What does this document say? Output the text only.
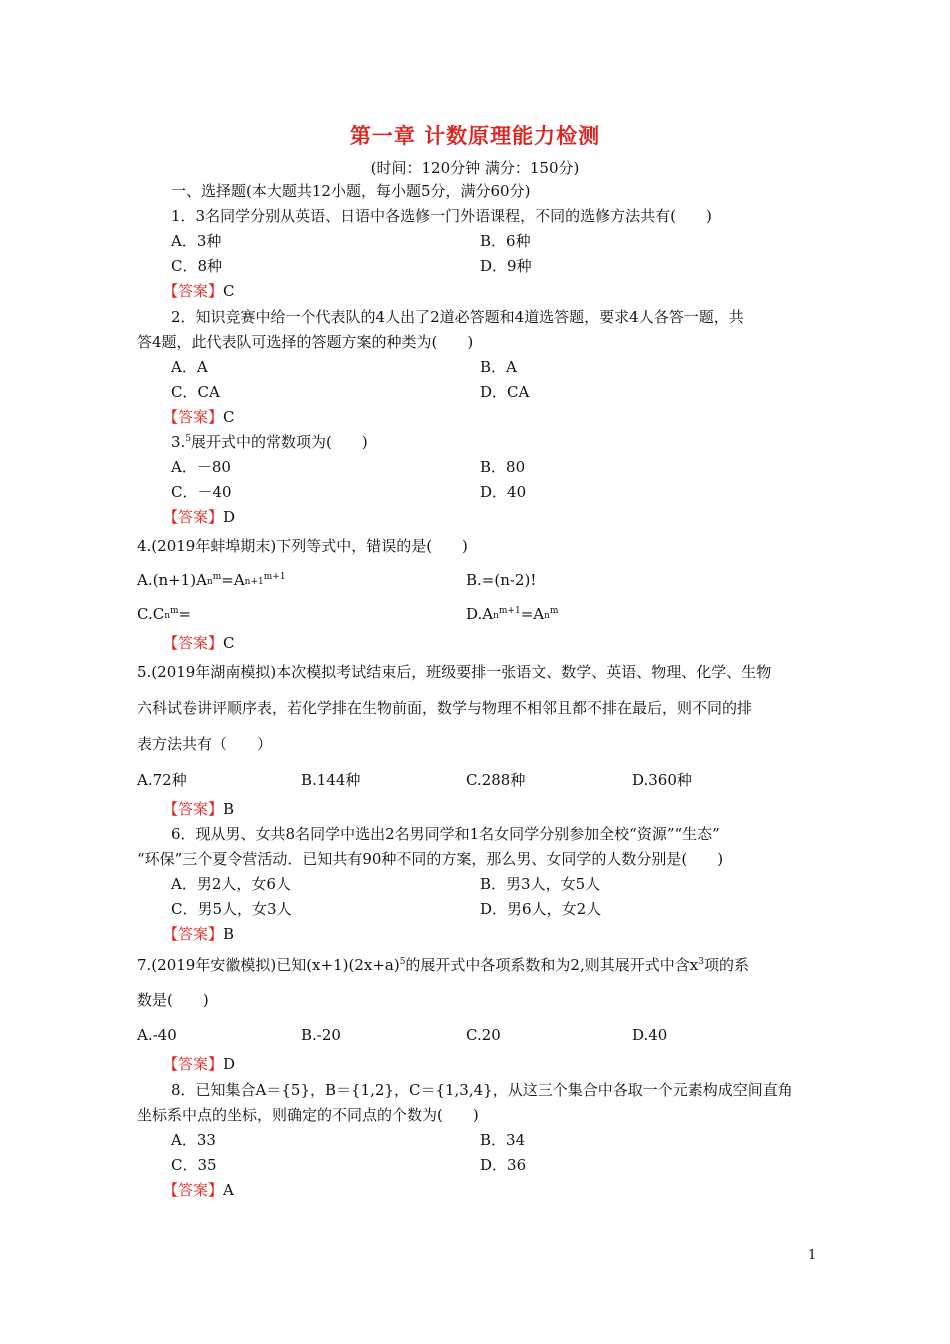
第一章 计数原理能力检测
(时间：120分钟 满分：150分)
一、选择题(本大题共12小题，每小题5分，满分60分)
1．3名同学分别从英语、日语中各选修一门外语课程，不同的选修方法共有(　　)
A．3种	B．6种
C．8种	D．9种
【答案】C
2．知识竞赛中给一个代表队的4人出了2道必答题和4道选答题，要求4人各答一题，共
答4题，此代表队可选择的答题方案的种类为(　　)
A．A	B．A
C．CA	D．CA
【答案】C
3.$^5$展开式中的常数项为(　　)
A．－80	B．80
C．－40	D．40
【答案】D
4.(2019年蚌埠期末)下列等式中，错误的是(　　)
$A.(n+1)A_n^m=A_{n+1}^{m+1}$	B.=(n-2)!
$C.C_n^m=$	$D.A_n^{m+1}=A_n^m$
【答案】C
5.(2019年湖南模拟)本次模拟考试结束后，班级要排一张语文、数学、英语、物理、化学、生物
六科试卷讲评顺序表，若化学排在生物前面，数学与物理不相邻且都不排在最后，则不同的排
表方法共有（　　）
A.72种	B.144种	C.288种	D.360种
【答案】B
6．现从男、女共8名同学中选出2名男同学和1名女同学分别参加全校“资源”“生态”
“环保”三个夏令营活动．已知共有90种不同的方案，那么男、女同学的人数分别是(　　)
A．男2人，女6人	B．男3人，女5人
C．男5人，女3人	D．男6人，女2人
【答案】B
7.(2019年安徽模拟)已知$(x+1)(2x+a)^5$的展开式中各项系数和为2,则其展开式中含$x^3$项的系
数是(　　)
A.-40	B.-20	C.20	D.40
【答案】D
8．已知集合A＝{5}，B＝{1,2}，C＝{1,3,4}，从这三个集合中各取一个元素构成空间直角
坐标系中点的坐标，则确定的不同点的个数为(　　)
A．33	B．34
C．35	D．36
【答案】A
1
